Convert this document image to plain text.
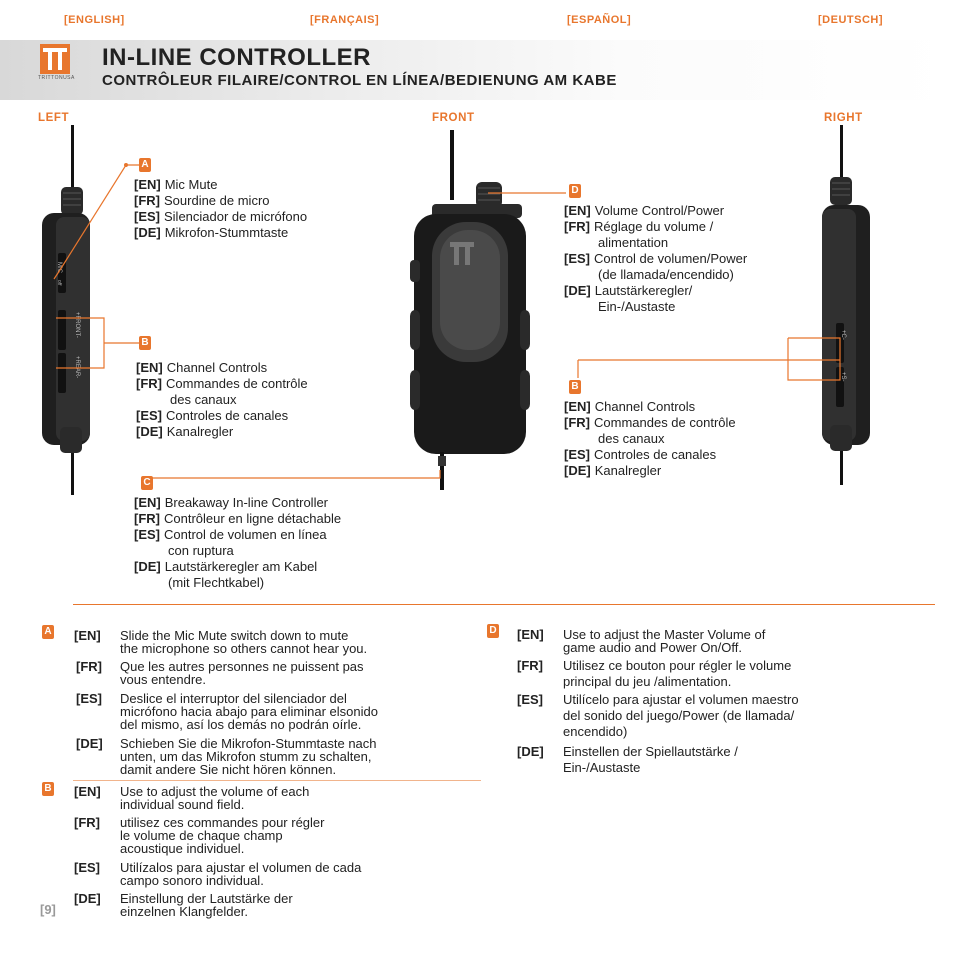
[ENGLISH]	[FRANÇAIS]	[ESPAÑOL]	[DEUTSCH]
TRITTONUSA
IN-LINE CONTROLLER
CONTRÔLEUR FILAIRE/CONTROL EN LÍNEA/BEDIENUNG AM KABE
LEFT	FRONT	RIGHT
MIC
off
+FRONT-
+REAR-
+C-
+S-
A
B
C
D
B
[EN] Mic Mute
[FR] Sourdine de micro
[ES] Silenciador de micrófono
[DE] Mikrofon-Stummtaste
[EN] Channel Controls
[FR] Commandes de contrôle
des canaux
[ES] Controles de canales
[DE] Kanalregler
[EN] Breakaway In-line Controller
[FR] Contrôleur en ligne détachable
[ES] Control de volumen en línea
con ruptura
[DE] Lautstärkeregler am Kabel
(mit Flechtkabel)
[EN] Volume Control/Power
[FR] Réglage du volume /
alimentation
[ES] Control de volumen/Power
(de llamada/encendido)
[DE] Lautstärkeregler/
Ein-/Austaste
[EN] Channel Controls
[FR] Commandes de contrôle
des canaux
[ES] Controles de canales
[DE] Kanalregler
A
B
D
[EN] Slide the Mic Mute switch down to mute
the microphone so others cannot hear you.
[FR] Que les autres personnes ne puissent pas
vous entendre.
[ES] Deslice el interruptor del silenciador del
micrófono hacia abajo para eliminar elsonido
del mismo, así los demás no podrán oírle.
[DE] Schieben Sie die Mikrofon-Stummtaste nach
unten, um das Mikrofon stumm zu schalten,
damit andere Sie nicht hören können.
[EN] Use to adjust the volume of each
individual sound field.
[FR] utilisez ces commandes pour régler
le volume de chaque champ
acoustique individuel.
[ES] Utilízalos para ajustar el volumen de cada
campo sonoro individual.
[DE] Einstellung der Lautstärke der
einzelnen Klangfelder.
[EN] Use to adjust the Master Volume of
game audio and Power On/Off.
[FR] Utilisez ce bouton pour régler le volume
principal du jeu /alimentation.
[ES] Utilícelo para ajustar el volumen maestro
del sonido del juego/Power (de llamada/
encendido)
[DE] Einstellen der Spiellautstärke /
Ein-/Austaste
[9]
